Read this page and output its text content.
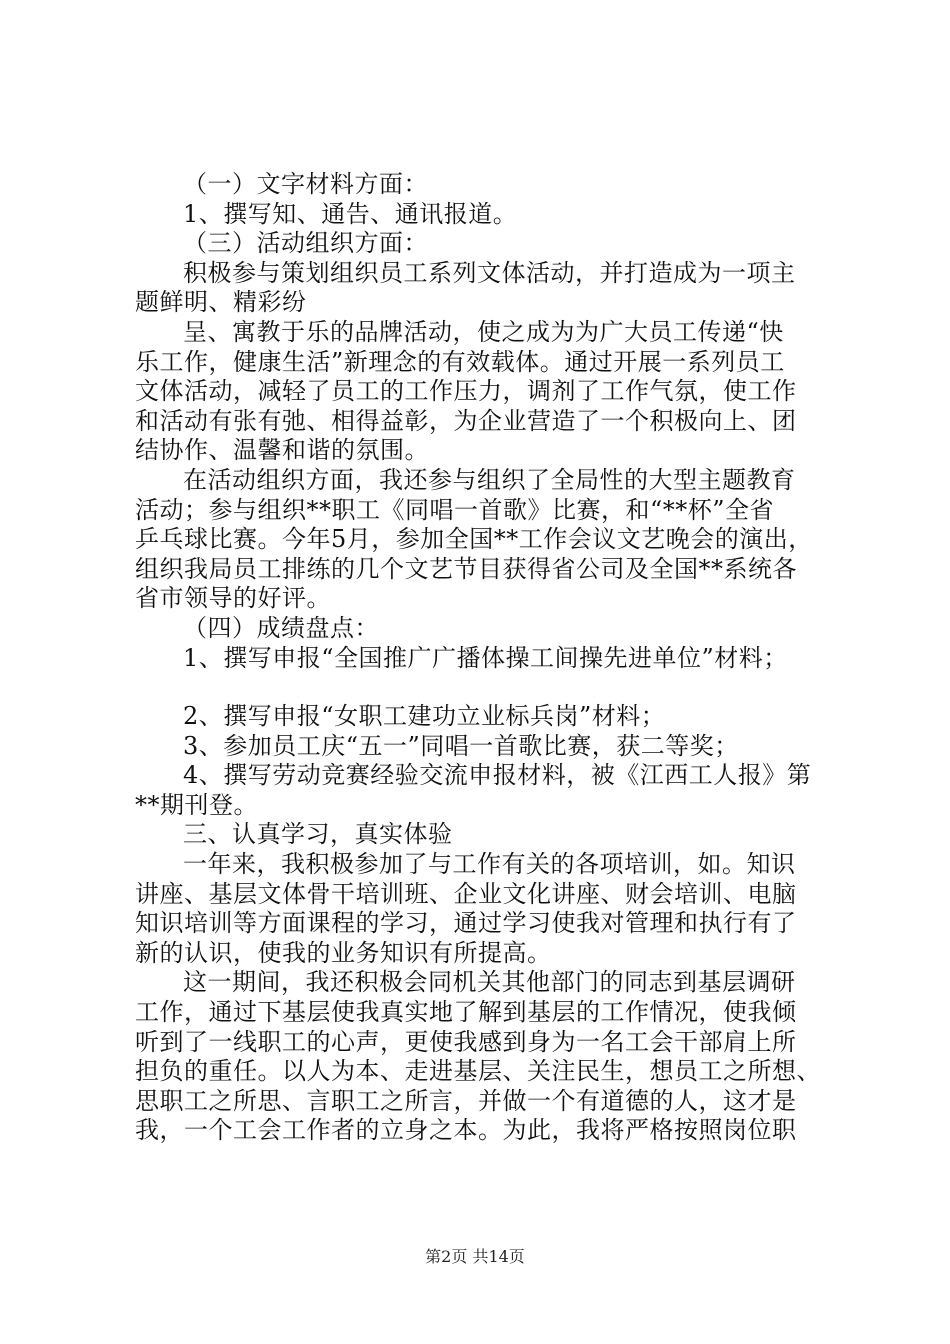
（一）文字材料方面：

1、撰写知、通告、通讯报道。

（三）活动组织方面：

积极参与策划组织员工系列文体活动，并打造成为一项主

题鲜明、精彩纷

呈、寓教于乐的品牌活动，使之成为为广大员工传递“快

乐工作，健康生活”新理念的有效载体。通过开展一系列员工

文体活动，减轻了员工的工作压力，调剂了工作气氛，使工作

和活动有张有弛、相得益彰，为企业营造了一个积极向上、团

结协作、温馨和谐的氛围。

在活动组织方面，我还参与组织了全局性的大型主题教育

活动；参与组织**职工《同唱一首歌》比赛，和“**杯”全省

乒乓球比赛。今年5月，参加全国**工作会议文艺晚会的演出，

组织我局员工排练的几个文艺节目获得省公司及全国**系统各

省市领导的好评。

（四）成绩盘点：

1、撰写申报“全国推广广播体操工间操先进单位”材料；

2、撰写申报“女职工建功立业标兵岗”材料；

3、参加员工庆“五一”同唱一首歌比赛，获二等奖；

4、撰写劳动竞赛经验交流申报材料，被《江西工人报》第

**期刊登。

三、认真学习，真实体验

一年来，我积极参加了与工作有关的各项培训，如。知识

讲座、基层文体骨干培训班、企业文化讲座、财会培训、电脑

知识培训等方面课程的学习，通过学习使我对管理和执行有了

新的认识，使我的业务知识有所提高。

这一期间，我还积极会同机关其他部门的同志到基层调研

工作，通过下基层使我真实地了解到基层的工作情况，使我倾

听到了一线职工的心声，更使我感到身为一名工会干部肩上所

担负的重任。以人为本、走进基层、关注民生，想员工之所想、

思职工之所思、言职工之所言，并做一个有道德的人，这才是

我，一个工会工作者的立身之本。为此，我将严格按照岗位职

第2页 共14页
